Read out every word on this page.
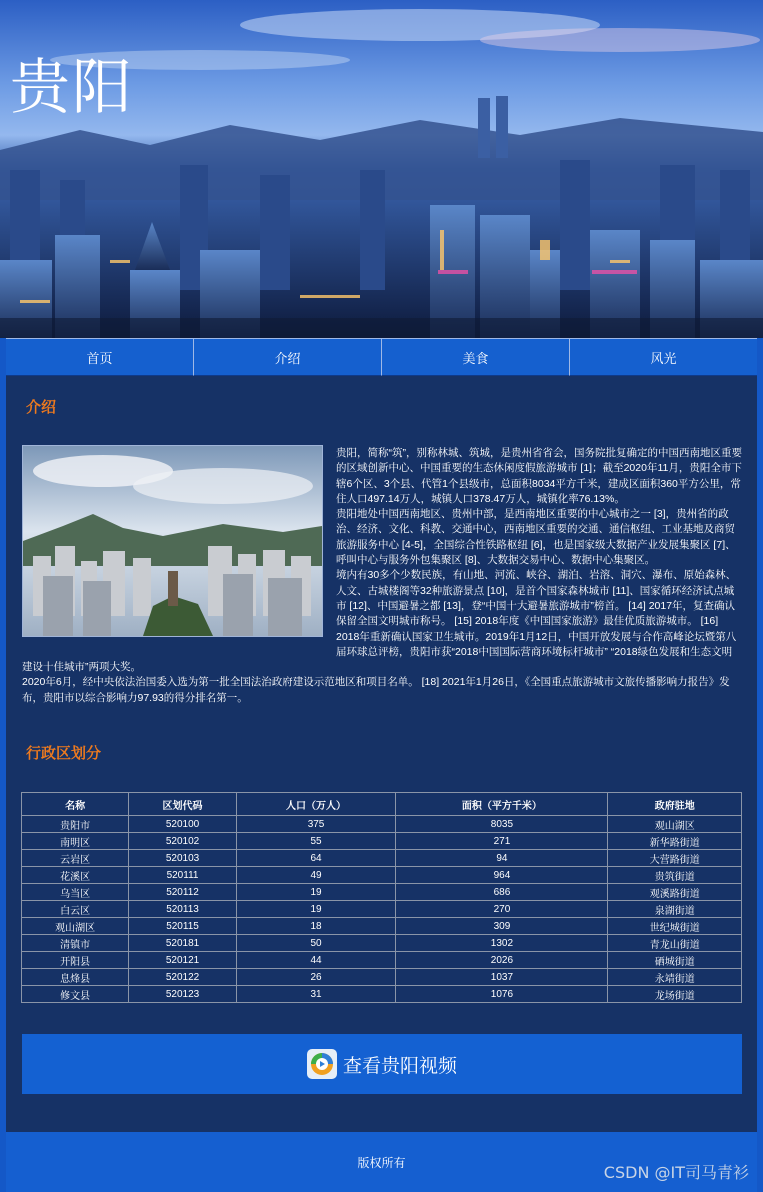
贵阳
首页	介绍	美食	风光
介绍

贵阳，简称“筑”，别称林城、筑城，是贵州省省会，国务院批复确定的中国西南地区重要的区域创新中心、中国重要的生态休闲度假旅游城市 [1]；截至2020年11月，贵阳全市下辖6个区、3个县、代管1个县级市，总面积8034平方千米，建成区面积360平方公里，常住人口497.14万人，城镇人口378.47万人，城镇化率76.13%。

贵阳地处中国西南地区、贵州中部，是西南地区重要的中心城市之一 [3]，贵州省的政治、经济、文化、科教、交通中心，西南地区重要的交通、通信枢纽、工业基地及商贸旅游服务中心 [4-5]，全国综合性铁路枢纽 [6]，也是国家级大数据产业发展集聚区 [7]、呼叫中心与服务外包集聚区 [8]、大数据交易中心、数据中心集聚区。

境内有30多个少数民族，有山地、河流、峡谷、湖泊、岩溶、洞穴、瀑布、原始森林、人文、古城楼阁等32种旅游景点 [10]，是首个国家森林城市 [11]、国家循环经济试点城市 [12]、中国避暑之都 [13]，登“中国十大避暑旅游城市”榜首。 [14] 2017年，复查确认保留全国文明城市称号。 [15] 2018年度《中国国家旅游》最佳优质旅游城市。 [16] 2018年重新确认国家卫生城市。2019年1月12日，中国开放发展与合作高峰论坛暨第八届环球总评榜，贵阳市获“2018中国国际营商环境标杆城市” “2018绿色发展和生态文明建设十佳城市”两项大奖。

2020年6月，经中央依法治国委入选为第一批全国法治政府建设示范地区和项目名单。 [18] 2021年1月26日，《全国重点旅游城市文旅传播影响力报告》发布，贵阳市以综合影响力97.93的得分排名第一。

行政区划分
名称	区划代码	人口（万人）	面积（平方千米）	政府驻地
贵阳市	520100	375	8035	观山湖区
南明区	520102	55	271	新华路街道
云岩区	520103	64	94	大营路街道
花溪区	520111	49	964	贵筑街道
乌当区	520112	19	686	观溪路街道
白云区	520113	19	270	泉湖街道
观山湖区	520115	18	309	世纪城街道
清镇市	520181	50	1302	青龙山街道
开阳县	520121	44	2026	硒城街道
息烽县	520122	26	1037	永靖街道
修文县	520123	31	1076	龙场街道
查看贵阳视频
版权所有
CSDN @IT司马青衫
